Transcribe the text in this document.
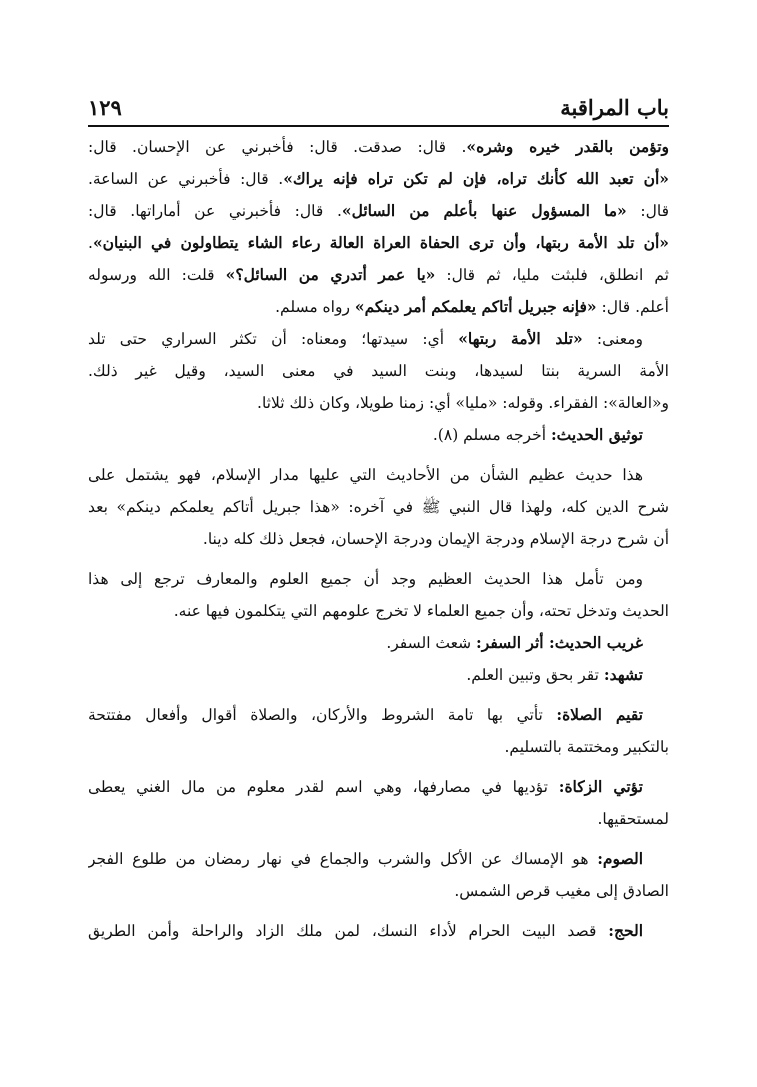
باب المراقبة
١٢٩
وتؤمن بالقدر خيره وشره». قال: صدقت. قال: فأخبرني عن الإحسان. قال:
«أن تعبد الله كأنك تراه، فإن لم تكن تراه فإنه يراك». قال: فأخبرني عن الساعة.
قال: «ما المسؤول عنها بأعلم من السائل». قال: فأخبرني عن أماراتها. قال:
«أن تلد الأمة ربتها، وأن ترى الحفاة العراة العالة رعاء الشاء يتطاولون في البنيان».
ثم انطلق، فلبثت مليا، ثم قال: «يا عمر أتدري من السائل؟» قلت: الله ورسوله
أعلم. قال: «فإنه جبريل أتاكم يعلمكم أمر دينكم» رواه مسلم.
ومعنى: «تلد الأمة ربتها» أي: سيدتها؛ ومعناه: أن تكثر السراري حتى تلد
الأمة السرية بنتا لسيدها، وبنت السيد في معنى السيد، وقيل غير ذلك.
و«العالة»: الفقراء. وقوله: «مليا» أي: زمنا طويلا، وكان ذلك ثلاثا.
توثيق الحديث: أخرجه مسلم (٨).
هذا حديث عظيم الشأن من الأحاديث التي عليها مدار الإسلام، فهو يشتمل على
شرح الدين كله، ولهذا قال النبي ﷺ في آخره: «هذا جبريل أتاكم يعلمكم دينكم» بعد
أن شرح درجة الإسلام ودرجة الإيمان ودرجة الإحسان، فجعل ذلك كله دينا.
ومن تأمل هذا الحديث العظيم وجد أن جميع العلوم والمعارف ترجع إلى هذا
الحديث وتدخل تحته، وأن جميع العلماء لا تخرج علومهم التي يتكلمون فيها عنه.
غريب الحديث: أثر السفر: شعث السفر.
تشهد: تقر بحق وتبين العلم.
تقيم الصلاة: تأتي بها تامة الشروط والأركان، والصلاة أقوال وأفعال مفتتحة
بالتكبير ومختتمة بالتسليم.
تؤتي الزكاة: تؤديها في مصارفها، وهي اسم لقدر معلوم من مال الغني يعطى
لمستحقيها.
الصوم: هو الإمساك عن الأكل والشرب والجماع في نهار رمضان من طلوع الفجر
الصادق إلى مغيب قرص الشمس.
الحج: قصد البيت الحرام لأداء النسك، لمن ملك الزاد والراحلة وأمن الطريق
